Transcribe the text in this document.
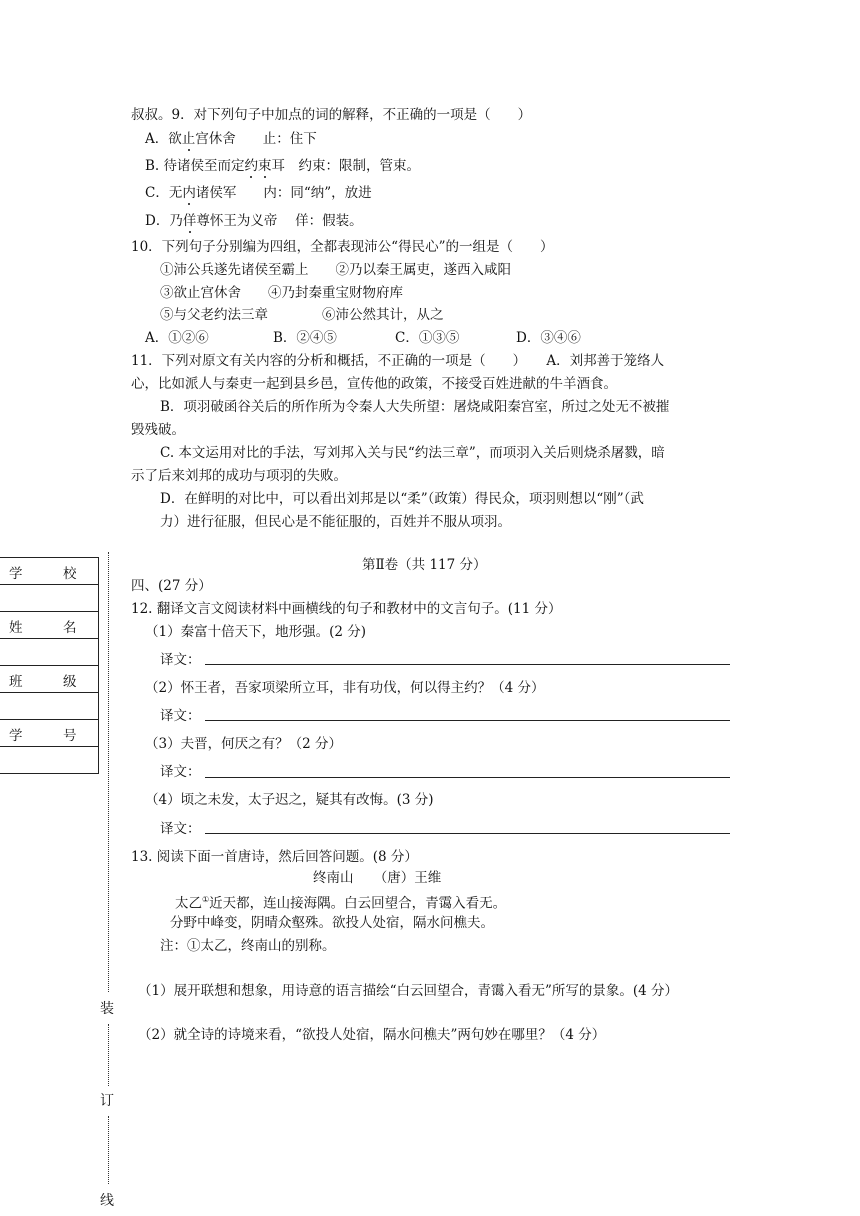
叔叔。9．对下列句子中加点的词的解释，不正确的一项是（　　）
A．欲止宫休舍　　止：住下
B. 待诸侯至而定约束耳　约束：限制，管束。
C．无内诸侯军　　内：同“纳”，放进
D．乃佯尊怀王为义帝　 佯：假装。
10．下列句子分别编为四组，全都表现沛公“得民心”的一组是（　　）
①沛公兵遂先诸侯至霸上　　②乃以秦王属吏，遂西入咸阳
③欲止宫休舍　　④乃封秦重宝财物府库
⑤与父老约法三章　　　　⑥沛公然其计，从之
A．①②⑥	B．②④⑤	C．①③⑤	D．③④⑥
11．下列对原文有关内容的分析和概括，不正确的一项是（　　）　　A．刘邦善于笼络人
心，比如派人与秦吏一起到县乡邑，宣传他的政策，不接受百姓进献的牛羊酒食。
B．项羽破函谷关后的所作所为令秦人大失所望：屠烧咸阳秦宫室，所过之处无不被摧
毁残破。
C. 本文运用对比的手法，写刘邦入关与民“约法三章”，而项羽入关后则烧杀屠戮，暗
示了后来刘邦的成功与项羽的失败。
D．在鲜明的对比中，可以看出刘邦是以“柔”（政策）得民众，项羽则想以“刚”（武
力）进行征服，但民心是不能征服的，百姓并不服从项羽。
第Ⅱ卷（共 117 分）
四、(27 分）
12. 翻译文言文阅读材料中画横线的句子和教材中的文言句子。(11 分）
（1）秦富十倍天下，地形强。(2 分)
译文：
（2）怀王者，吾家项梁所立耳，非有功伐，何以得主约？（4 分）
译文：
（3）夫晋，何厌之有？（2 分）
译文：
（4）顷之未发，太子迟之，疑其有改悔。(3 分)
译文：
13. 阅读下面一首唐诗，然后回答问题。(8 分）
终南山　　（唐）王维
太乙①近天都，连山接海隅。白云回望合，青霭入看无。
分野中峰变，阴晴众壑殊。欲投人处宿，隔水问樵夫。
注：①太乙，终南山的别称。
（1）展开联想和想象，用诗意的语言描绘“白云回望合，青霭入看无”所写的景象。(4 分）
（2）就全诗的诗境来看，“欲投人处宿，隔水问樵夫”两句妙在哪里？（4 分）
学　　　校
姓　　　名
班　　　级
学　　　号
装
订
线
